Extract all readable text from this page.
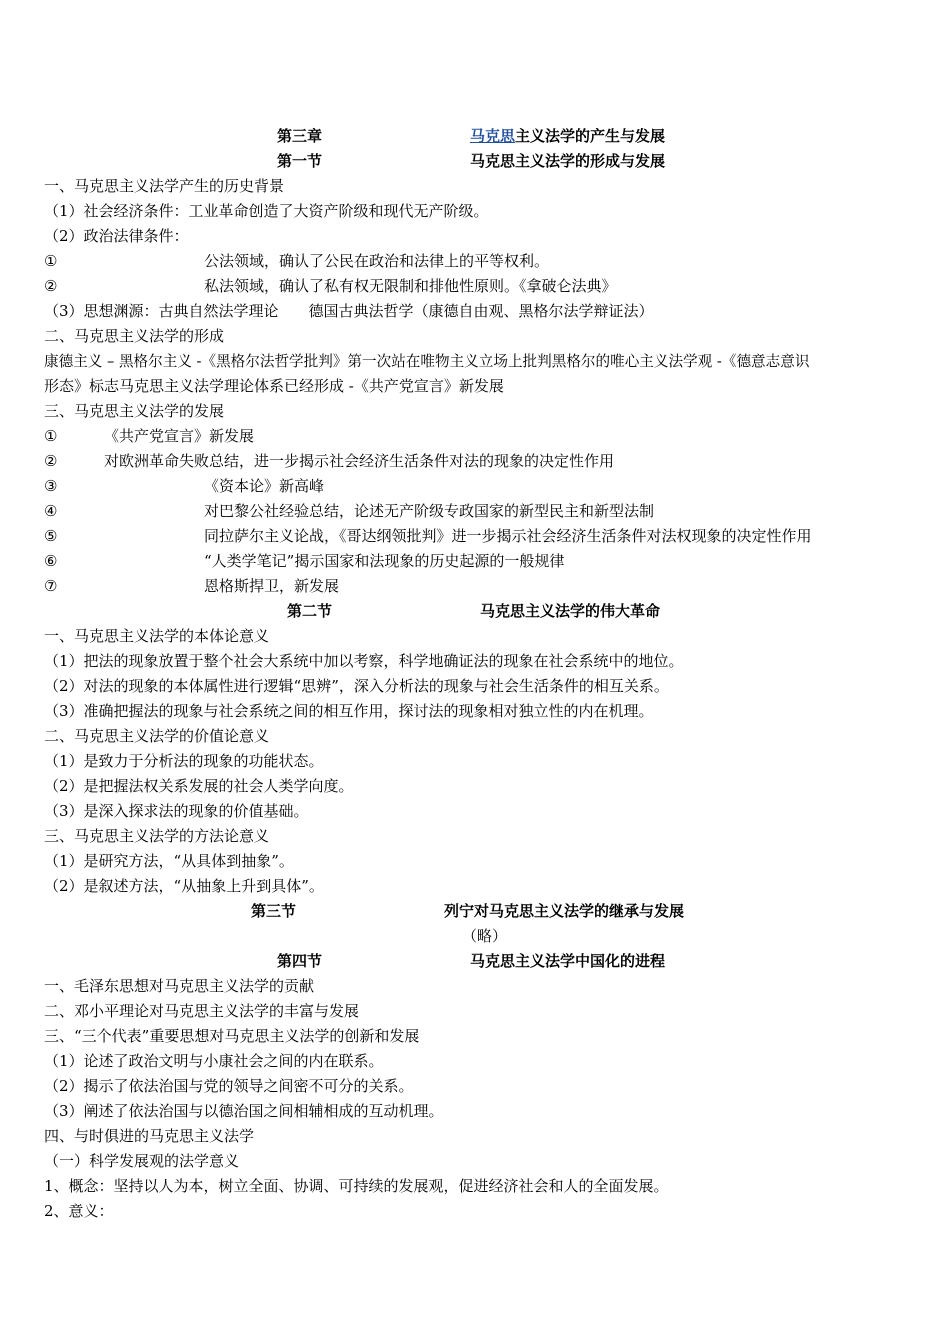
第三章	马克思主义法学的产生与发展
第一节	马克思主义法学的形成与发展
一、马克思主义法学产生的历史背景
（1）社会经济条件：工业革命创造了大资产阶级和现代无产阶级。
（2）政治法律条件：
①	公法领域，确认了公民在政治和法律上的平等权利。
②	私法领域，确认了私有权无限制和排他性原则。《拿破仑法典》
（3）思想渊源：古典自然法学理论　　德国古典法哲学（康德自由观、黑格尔法学辩证法）
二、马克思主义法学的形成
康德主义 – 黑格尔主义 -《黑格尔法哲学批判》第一次站在唯物主义立场上批判黑格尔的唯心主义法学观 -《德意志意识
形态》标志马克思主义法学理论体系已经形成 -《共产党宣言》新发展
三、马克思主义法学的发展
①	《共产党宣言》新发展
②	对欧洲革命失败总结，进一步揭示社会经济生活条件对法的现象的决定性作用
③	《资本论》新高峰
④	对巴黎公社经验总结，论述无产阶级专政国家的新型民主和新型法制
⑤	同拉萨尔主义论战，《哥达纲领批判》进一步揭示社会经济生活条件对法权现象的决定性作用
⑥	“人类学笔记”揭示国家和法现象的历史起源的一般规律
⑦	恩格斯捍卫，新发展
第二节	马克思主义法学的伟大革命
一、马克思主义法学的本体论意义
（1）把法的现象放置于整个社会大系统中加以考察，科学地确证法的现象在社会系统中的地位。
（2）对法的现象的本体属性进行逻辑“思辨”，深入分析法的现象与社会生活条件的相互关系。
（3）准确把握法的现象与社会系统之间的相互作用，探讨法的现象相对独立性的内在机理。
二、马克思主义法学的价值论意义
（1）是致力于分析法的现象的功能状态。
（2）是把握法权关系发展的社会人类学向度。
（3）是深入探求法的现象的价值基础。
三、马克思主义法学的方法论意义
（1）是研究方法，“从具体到抽象”。
（2）是叙述方法，“从抽象上升到具体”。
第三节	列宁对马克思主义法学的继承与发展
（略）
第四节	马克思主义法学中国化的进程
一、毛泽东思想对马克思主义法学的贡献
二、邓小平理论对马克思主义法学的丰富与发展
三、“三个代表”重要思想对马克思主义法学的创新和发展
（1）论述了政治文明与小康社会之间的内在联系。
（2）揭示了依法治国与党的领导之间密不可分的关系。
（3）阐述了依法治国与以德治国之间相辅相成的互动机理。
四、与时俱进的马克思主义法学
（一）科学发展观的法学意义
1、概念：坚持以人为本，树立全面、协调、可持续的发展观，促进经济社会和人的全面发展。
2、意义：
